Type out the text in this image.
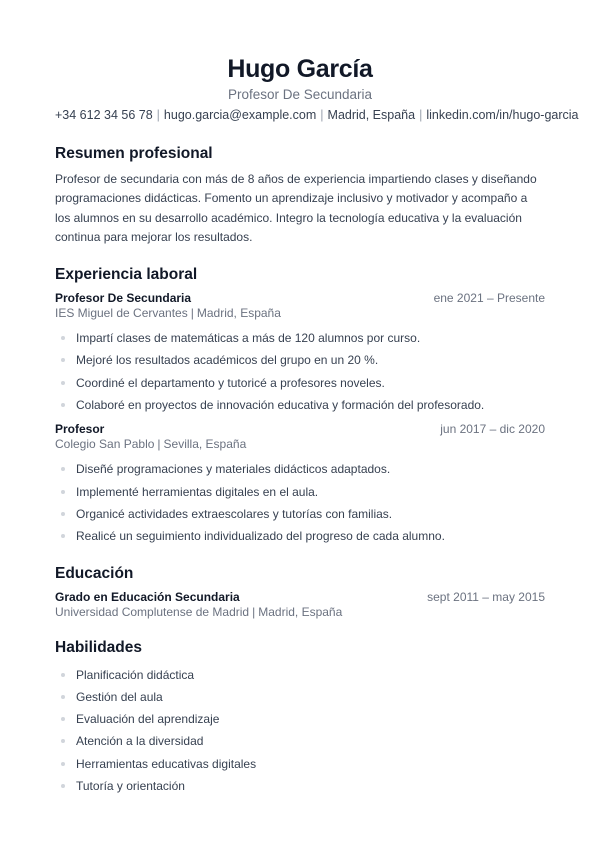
Hugo García
Profesor De Secundaria
+34 612 34 56 78 | hugo.garcia@example.com | Madrid, España | linkedin.com/in/hugo-garcia
Resumen profesional

Profesor de secundaria con más de 8 años de experiencia impartiendo clases y diseñando programaciones didácticas. Fomento un aprendizaje inclusivo y motivador y acompaño a los alumnos en su desarrollo académico. Integro la tecnología educativa y la evaluación continua para mejorar los resultados.

Experiencia laboral
Profesor De Secundaria	ene 2021 – Presente
IES Miguel de Cervantes | Madrid, España
Impartí clases de matemáticas a más de 120 alumnos por curso.
Mejoré los resultados académicos del grupo en un 20 %.
Coordiné el departamento y tutoricé a profesores noveles.
Colaboré en proyectos de innovación educativa y formación del profesorado.
Profesor	jun 2017 – dic 2020
Colegio San Pablo | Sevilla, España
Diseñé programaciones y materiales didácticos adaptados.
Implementé herramientas digitales en el aula.
Organicé actividades extraescolares y tutorías con familias.
Realicé un seguimiento individualizado del progreso de cada alumno.
Educación
Grado en Educación Secundaria	sept 2011 – may 2015
Universidad Complutense de Madrid | Madrid, España
Habilidades
Planificación didáctica
Gestión del aula
Evaluación del aprendizaje
Atención a la diversidad
Herramientas educativas digitales
Tutoría y orientación
